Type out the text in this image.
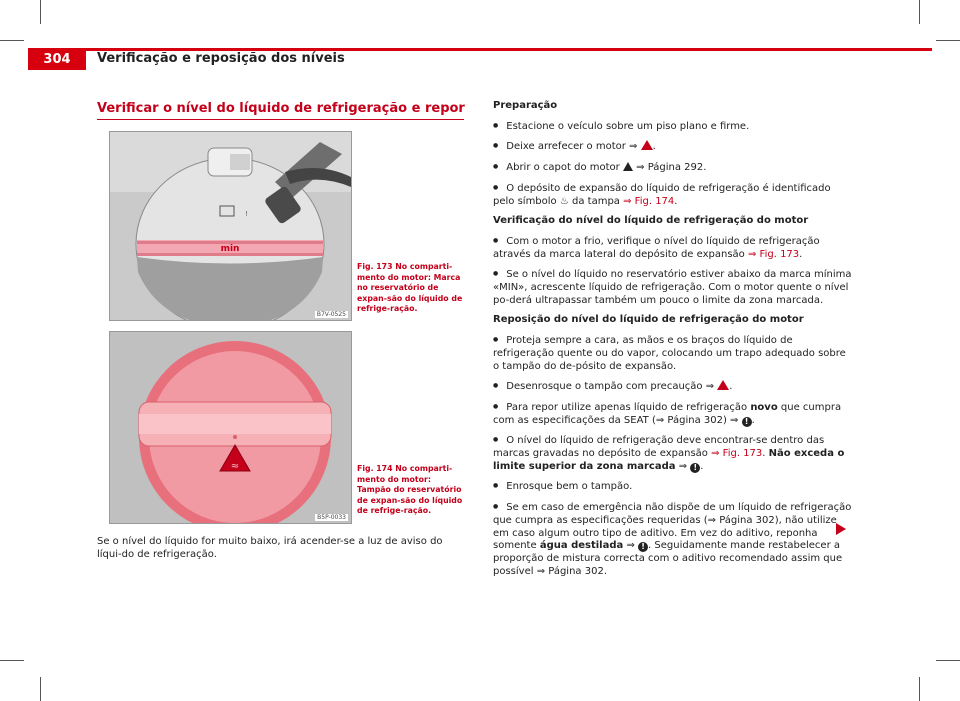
304	Verificação e reposição dos níveis
Verificar o nível do líquido de refrigeração e repor
min
!
B7V-0525
Fig. 173 No comparti-mento do motor: Marca no reservatório de expan-são do líquido de refrige-ração.
≈
B5P-0033
Fig. 174 No comparti-mento do motor: Tampão do reservatório de expan-são do líquido de refrige-ração.
Se o nível do líquido for muito baixo, irá acender-se a luz de aviso do líqui-do de refrigeração.

Preparação

● Estacione o veículo sobre um piso plano e firme.

● Deixe arrefecer o motor ⇒ .

● Abrir o capot do motor ⇒ Página 292.

● O depósito de expansão do líquido de refrigeração é identificado pelo símbolo ♨ da tampa ⇒ Fig. 174.

Verificação do nível do líquido de refrigeração do motor

● Com o motor a frio, verifique o nível do líquido de refrigeração através da marca lateral do depósito de expansão ⇒ Fig. 173.

● Se o nível do líquido no reservatório estiver abaixo da marca mínima «MIN», acrescente líquido de refrigeração. Com o motor quente o nível po-derá ultrapassar também um pouco o limite da zona marcada.

Reposição do nível do líquido de refrigeração do motor

● Proteja sempre a cara, as mãos e os braços do líquido de refrigeração quente ou do vapor, colocando um trapo adequado sobre o tampão do de-pósito de expansão.

● Desenrosque o tampão com precaução ⇒ .

● Para repor utilize apenas líquido de refrigeração novo que cumpra com as especificações da SEAT (⇒ Página 302) ⇒ ! .

● O nível do líquido de refrigeração deve encontrar-se dentro das marcas gravadas no depósito de expansão ⇒ Fig. 173. Não exceda o limite superior da zona marcada ⇒ ! .

● Enrosque bem o tampão.

● Se em caso de emergência não dispõe de um líquido de refrigeração que cumpra as especificações requeridas (⇒ Página 302), não utilize em caso algum outro tipo de aditivo. Em vez do aditivo, reponha somente água destilada ⇒ ! . Seguidamente mande restabelecer a proporção de mistura correcta com o aditivo recomendado assim que possível ⇒ Página 302.
